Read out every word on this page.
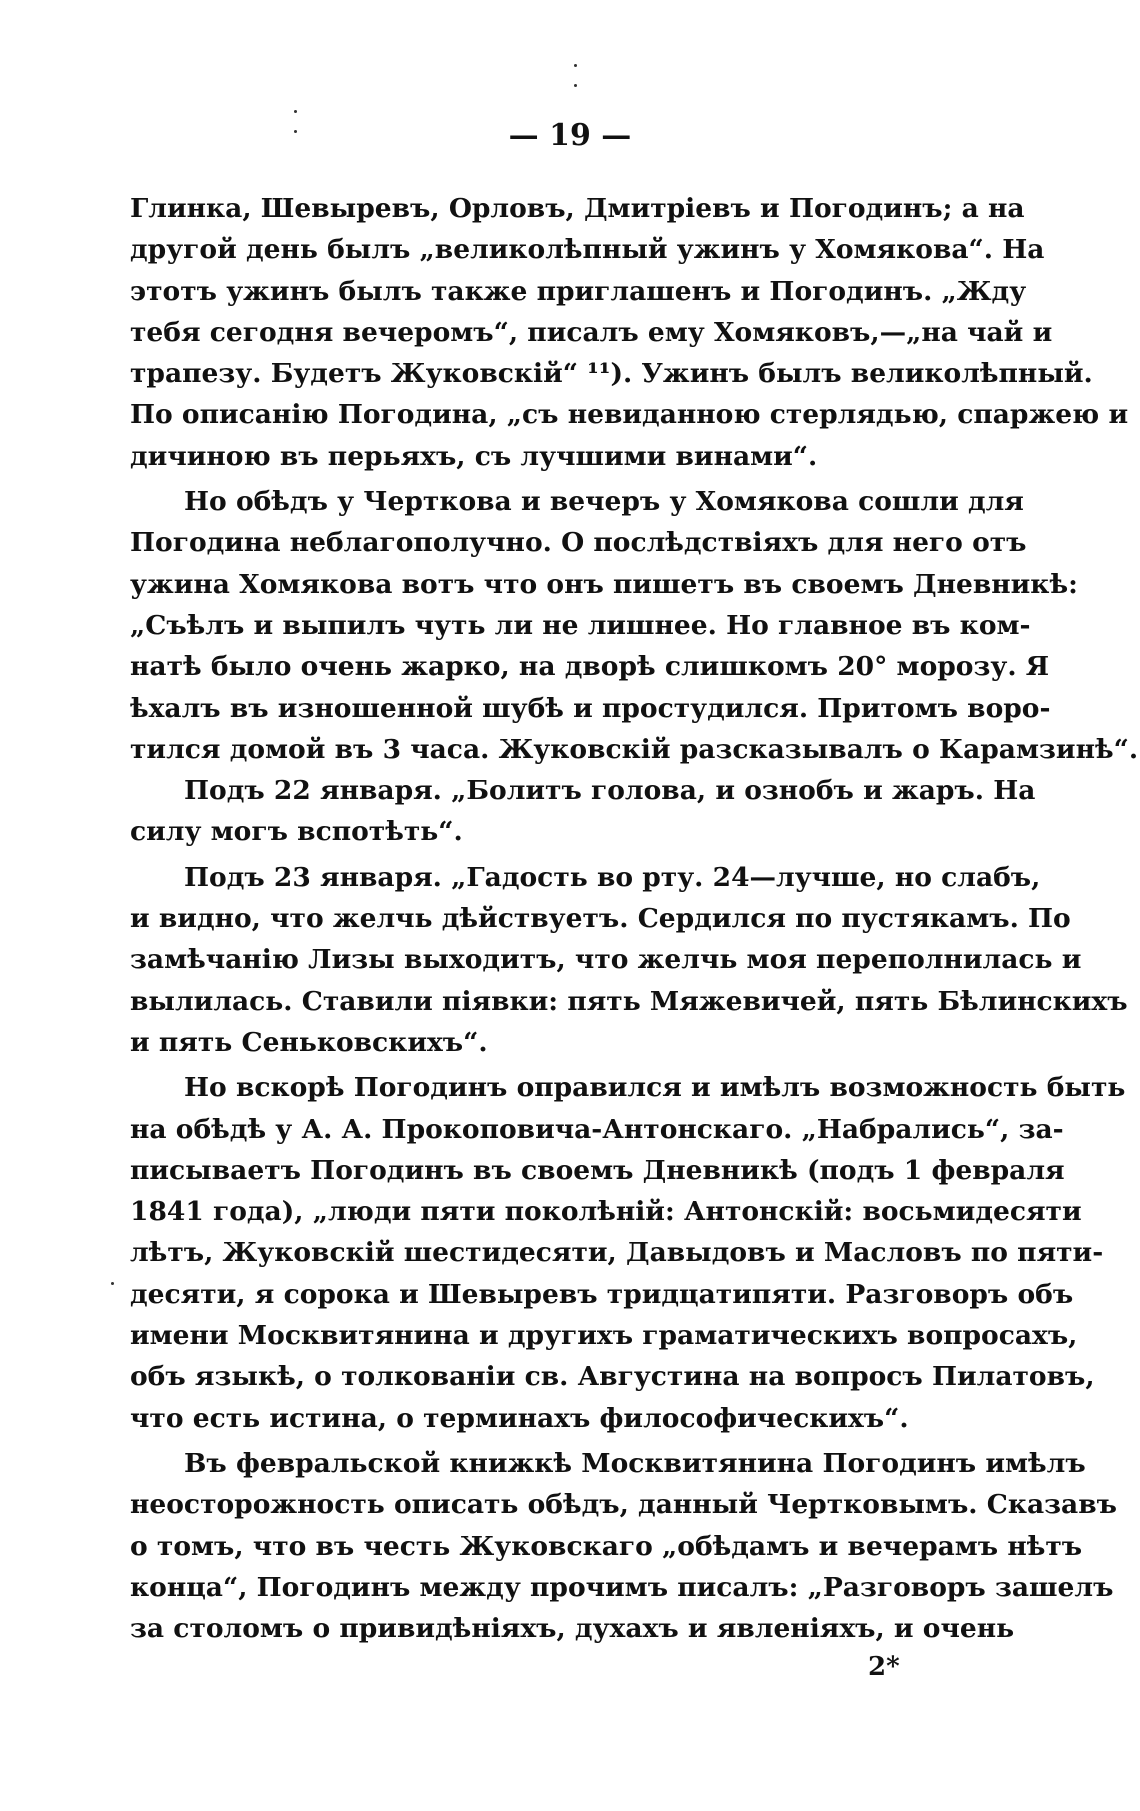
— 19 —
Глинка, Шевыревъ, Орловъ, Дмитріевъ и Погодинъ; а на
другой день былъ „великолѣпный ужинъ у Хомякова“. На
этотъ ужинъ былъ также приглашенъ и Погодинъ. „Жду
тебя сегодня вечеромъ“, писалъ ему Хомяковъ,—„на чай и
трапезу. Будетъ Жуковскій“ ¹¹). Ужинъ былъ великолѣпный.
По описанію Погодина, „съ невиданною стерлядью, спаржею и
дичиною въ перьяхъ, съ лучшими винами“.
Но обѣдъ у Черткова и вечеръ у Хомякова сошли для
Погодина неблагополучно. О послѣдствіяхъ для него отъ
ужина Хомякова вотъ что онъ пишетъ въ своемъ Дневникѣ:
„Съѣлъ и выпилъ чуть ли не лишнее. Но главное въ ком-
натѣ было очень жарко, на дворѣ слишкомъ 20° морозу. Я
ѣхалъ въ изношенной шубѣ и простудился. Притомъ воро-
тился домой въ 3 часа. Жуковскій разсказывалъ о Карамзинѣ“.
Подъ 22 января. „Болитъ голова, и ознобъ и жаръ. На
силу могъ вспотѣть“.
Подъ 23 января. „Гадость во рту. 24—лучше, но слабъ,
и видно, что желчь дѣйствуетъ. Сердился по пустякамъ. По
замѣчанію Лизы выходитъ, что желчь моя переполнилась и
вылилась. Ставили піявки: пять Мяжевичей, пять Бѣлинскихъ
и пять Сеньковскихъ“.
Но вскорѣ Погодинъ оправился и имѣлъ возможность быть
на обѣдѣ у А. А. Прокоповича-Антонскаго. „Набрались“, за-
писываетъ Погодинъ въ своемъ Дневникѣ (подъ 1 февраля
1841 года), „люди пяти поколѣній: Антонскій: восьмидесяти
лѣтъ, Жуковскій шестидесяти, Давыдовъ и Масловъ по пяти-
десяти, я сорока и Шевыревъ тридцатипяти. Разговоръ объ
имени Москвитянина и другихъ граматическихъ вопросахъ,
объ языкѣ, о толкованіи св. Августина на вопросъ Пилатовъ,
что есть истина, о терминахъ философическихъ“.
Въ февральской книжкѣ Москвитянина Погодинъ имѣлъ
неосторожность описать обѣдъ, данный Чертковымъ. Сказавъ
о томъ, что въ честь Жуковскаго „обѣдамъ и вечерамъ нѣтъ
конца“, Погодинъ между прочимъ писалъ: „Разговоръ зашелъ
за столомъ о привидѣніяхъ, духахъ и явленіяхъ, и очень
2*
